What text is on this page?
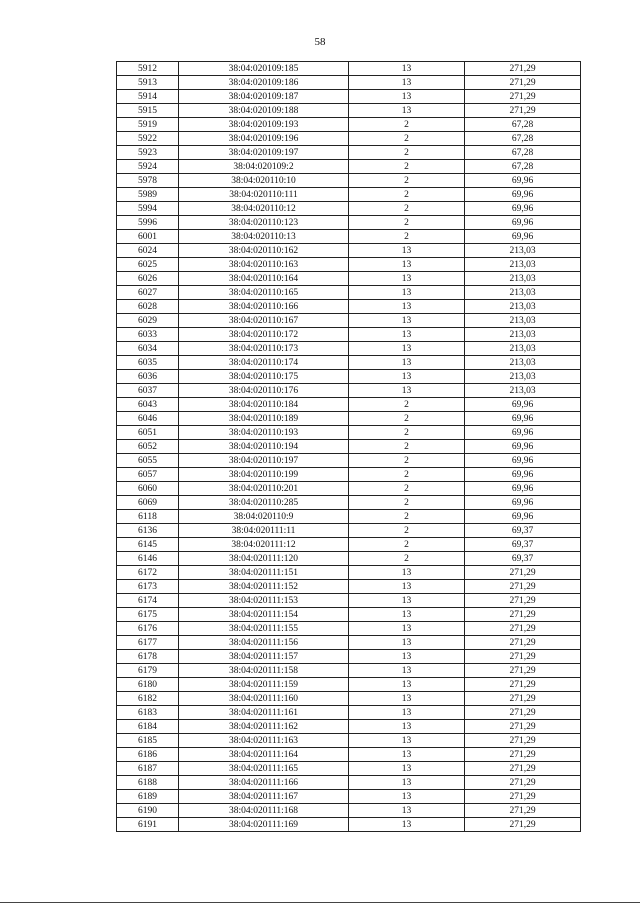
58
5912	38:04:020109:185	13	271,29
5913	38:04:020109:186	13	271,29
5914	38:04:020109:187	13	271,29
5915	38:04:020109:188	13	271,29
5919	38:04:020109:193	2	67,28
5922	38:04:020109:196	2	67,28
5923	38:04:020109:197	2	67,28
5924	38:04:020109:2	2	67,28
5978	38:04:020110:10	2	69,96
5989	38:04:020110:111	2	69,96
5994	38:04:020110:12	2	69,96
5996	38:04:020110:123	2	69,96
6001	38:04:020110:13	2	69,96
6024	38:04:020110:162	13	213,03
6025	38:04:020110:163	13	213,03
6026	38:04:020110:164	13	213,03
6027	38:04:020110:165	13	213,03
6028	38:04:020110:166	13	213,03
6029	38:04:020110:167	13	213,03
6033	38:04:020110:172	13	213,03
6034	38:04:020110:173	13	213,03
6035	38:04:020110:174	13	213,03
6036	38:04:020110:175	13	213,03
6037	38:04:020110:176	13	213,03
6043	38:04:020110:184	2	69,96
6046	38:04:020110:189	2	69,96
6051	38:04:020110:193	2	69,96
6052	38:04:020110:194	2	69,96
6055	38:04:020110:197	2	69,96
6057	38:04:020110:199	2	69,96
6060	38:04:020110:201	2	69,96
6069	38:04:020110:285	2	69,96
6118	38:04:020110:9	2	69,96
6136	38:04:020111:11	2	69,37
6145	38:04:020111:12	2	69,37
6146	38:04:020111:120	2	69,37
6172	38:04:020111:151	13	271,29
6173	38:04:020111:152	13	271,29
6174	38:04:020111:153	13	271,29
6175	38:04:020111:154	13	271,29
6176	38:04:020111:155	13	271,29
6177	38:04:020111:156	13	271,29
6178	38:04:020111:157	13	271,29
6179	38:04:020111:158	13	271,29
6180	38:04:020111:159	13	271,29
6182	38:04:020111:160	13	271,29
6183	38:04:020111:161	13	271,29
6184	38:04:020111:162	13	271,29
6185	38:04:020111:163	13	271,29
6186	38:04:020111:164	13	271,29
6187	38:04:020111:165	13	271,29
6188	38:04:020111:166	13	271,29
6189	38:04:020111:167	13	271,29
6190	38:04:020111:168	13	271,29
6191	38:04:020111:169	13	271,29
